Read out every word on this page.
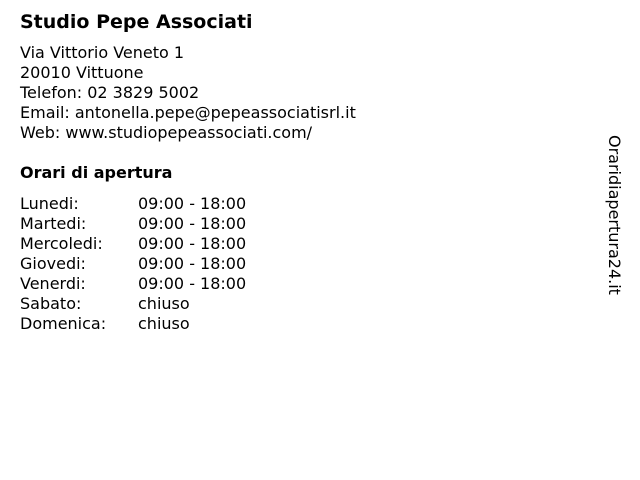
Studio Pepe Associati
Via Vittorio Veneto 1
20010 Vittuone
Telefon: 02 3829 5002
Email: antonella.pepe@pepeassociatisrl.it
Web: www.studiopepeassociati.com/
Orari di apertura
Lunedi:	09:00 - 18:00
Martedi:	09:00 - 18:00
Mercoledi: 09:00 - 18:00
Giovedi:	09:00 - 18:00
Venerdi:	09:00 - 18:00
Sabato:	chiuso
Domenica: chiuso
Oraridiapertura24.it
